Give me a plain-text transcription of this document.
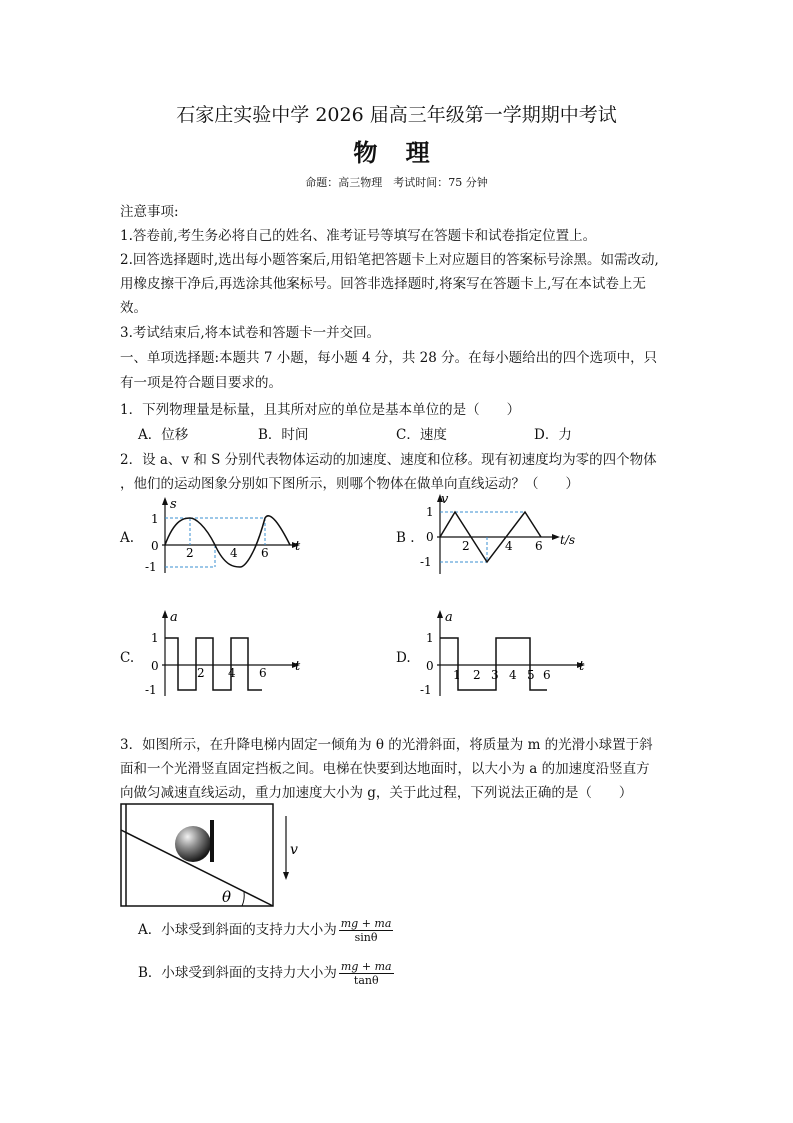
石家庄实验中学 2026 届高三年级第一学期期中考试
物 理
命题：高三物理　考试时间：75 分钟
注意事项:
1.答卷前,考生务必将自己的姓名、准考证号等填写在答题卡和试卷指定位置上。
2.回答选择题时,选出每小题答案后,用铅笔把答题卡上对应题目的答案标号涂黑。如需改动,
用橡皮擦干净后,再选涂其他案标号。回答非选择题时,将案写在答题卡上,写在本试卷上无
效。
3.考试结束后,将本试卷和答题卡一并交回。
一、单项选择题:本题共 7 小题，每小题 4 分，共 28 分。在每小题给出的四个选项中，只
有一项是符合题目要求的。
1．下列物理量是标量，且其所对应的单位是基本单位的是（　　）
A．位移	B．时间	C．速度	D．力
2．设 a、v 和 S 分别代表物体运动的加速度、速度和位移。现有初速度均为零的四个物体
，他们的运动图象分别如下图所示，则哪个物体在做单向直线运动？（　　）
A.	B .
C.	D.
s
t
1
0
-1
2	4 6
v
t/s
1
0
-1
2	4 6
a
t
1
0
-1
2 4 6
a
t
1
0
-1
1 2 3 4 5 6
3．如图所示，在升降电梯内固定一倾角为 θ 的光滑斜面，将质量为 m 的光滑小球置于斜
面和一个光滑竖直固定挡板之间。电梯在快要到达地面时，以大小为 a 的加速度沿竖直方
向做匀减速直线运动，重力加速度大小为 g，关于此过程，下列说法正确的是（　　）
θ
v
A．小球受到斜面的支持力大小为 $\frac{mg + ma}{\sin\theta}$
B．小球受到斜面的支持力大小为 $\frac{mg + ma}{\tan\theta}$
